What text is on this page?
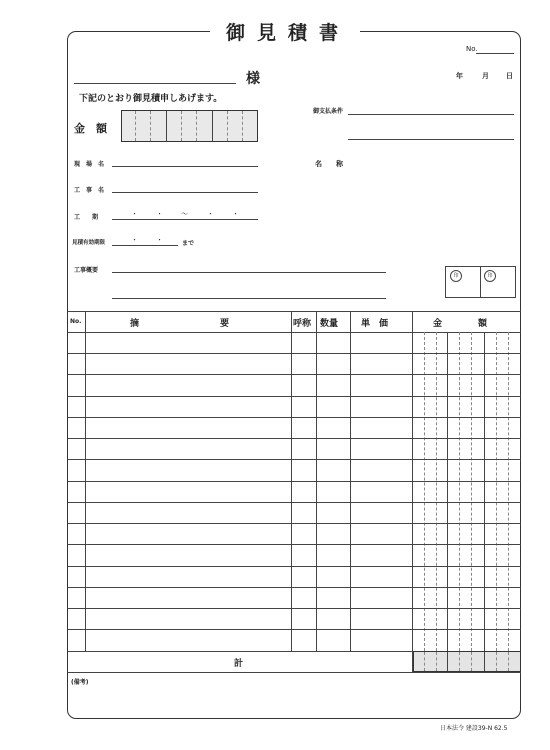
御見積書
No.
年	月 日
様
下記のとおり御見積申しあげます。
金　額
御支払条件
名　　称
現　場　名
工　事　名
工　　期	・	・	〜	・	・
見積有効期限	・	・	まで
工事概要
印	印
No.	摘　　　　　　　　　要	呼称 数量	単　価	金　　　　額
計
(備考)
日本法令 建設39-N 62.5
